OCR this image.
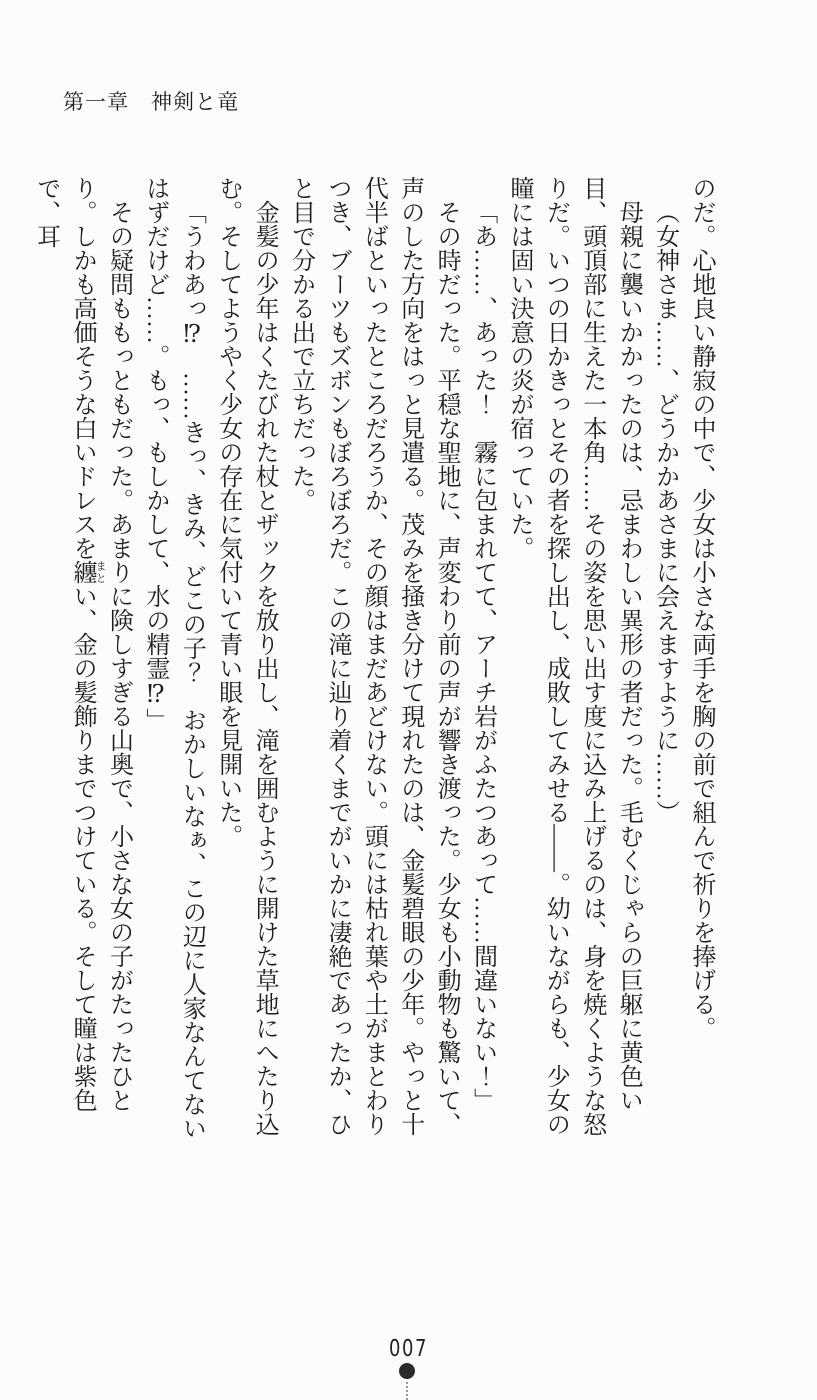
第一章　神剣と竜

のだ。心地良い静寂の中で、少女は小さな両手を胸の前で組んで祈りを捧げる。

（女神さま……、どうかかあさまに会えますように……）

母親に襲いかかったのは、忌まわしい異形の者だった。毛むくじゃらの巨躯に黄色い目、頭頂部に生えた一本角……その姿を思い出す度に込み上げるのは、身を焼くような怒りだ。いつの日かきっとその者を探し出し、成敗してみせる――。幼いながらも、少女の瞳には固い決意の炎が宿っていた。

「あ……、あった！　霧に包まれてて、アーチ岩がふたつあって……間違いない！」

その時だった。平穏な聖地に、声変わり前の声が響き渡った。少女も小動物も驚いて、声のした方向をはっと見遣る。茂みを掻き分けて現れたのは、金髪碧眼の少年。やっと十代半ばといったところだろうか、その顔はまだあどけない。頭には枯れ葉や土がまとわりつき、ブーツもズボンもぼろぼろだ。この滝に辿り着くまでがいかに凄絶であったか、ひと目で分かる出で立ちだった。

金髪の少年はくたびれた杖とザックを放り出し、滝を囲むように開けた草地にへたり込む。そしてようやく少女の存在に気付いて青い眼を見開いた。

「うわあっ⁉　……きっ、きみ、どこの子？　おかしいなぁ、この辺に人家なんてないはずだけど……。もっ、もしかして、水の精霊⁉」

その疑問ももっともだった。あまりに険しすぎる山奥で、小さな女の子がたったひとり。しかも高価そうな白いドレスを纏 まとい、金の髪飾りまでつけている。そして瞳は紫色で、耳

007
